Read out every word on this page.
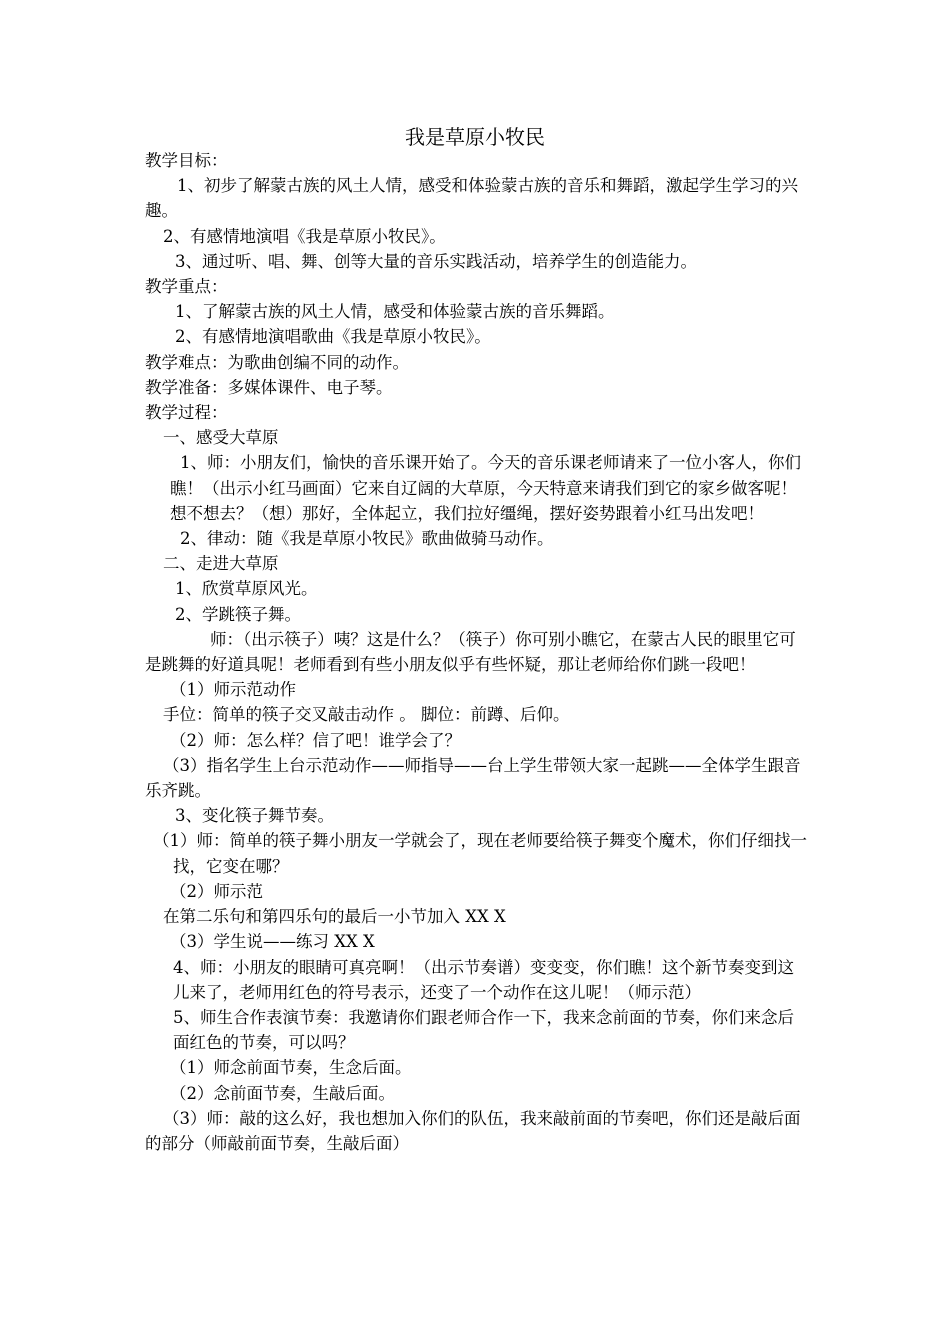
我是草原小牧民

教学目标：

1、初步了解蒙古族的风土人情，感受和体验蒙古族的音乐和舞蹈，激起学生学习的兴趣。

2、有感情地演唱《我是草原小牧民》。

3、通过听、唱、舞、创等大量的音乐实践活动，培养学生的创造能力。

教学重点：

1、了解蒙古族的风土人情，感受和体验蒙古族的音乐舞蹈。

2、有感情地演唱歌曲《我是草原小牧民》。

教学难点：为歌曲创编不同的动作。

教学准备：多媒体课件、电子琴。

教学过程：

一、感受大草原

1、师：小朋友们，愉快的音乐课开始了。今天的音乐课老师请来了一位小客人，你们瞧！（出示小红马画面）它来自辽阔的大草原，今天特意来请我们到它的家乡做客呢！想不想去？（想）那好，全体起立，我们拉好缰绳，摆好姿势跟着小红马出发吧！

2、律动：随《我是草原小牧民》歌曲做骑马动作。

二、走进大草原

1、欣赏草原风光。

2、学跳筷子舞。

师：（出示筷子）咦？这是什么？（筷子）你可别小瞧它，在蒙古人民的眼里它可是跳舞的好道具呢！老师看到有些小朋友似乎有些怀疑，那让老师给你们跳一段吧！

（1）师示范动作

手位：简单的筷子交叉敲击动作 。 脚位：前蹲、后仰。

（2）师：怎么样？信了吧！谁学会了？

（3）指名学生上台示范动作——师指导——台上学生带领大家一起跳——全体学生跟音乐齐跳。

3、变化筷子舞节奏。

（1）师：简单的筷子舞小朋友一学就会了，现在老师要给筷子舞变个魔术，你们仔细找一找，它变在哪？

（2）师示范

在第二乐句和第四乐句的最后一小节加入 XX X

（3）学生说——练习 XX X

4、师：小朋友的眼睛可真亮啊！（出示节奏谱）变变变，你们瞧！这个新节奏变到这儿来了，老师用红色的符号表示，还变了一个动作在这儿呢！（师示范）

5、师生合作表演节奏：我邀请你们跟老师合作一下，我来念前面的节奏，你们来念后面红色的节奏，可以吗？

（1）师念前面节奏，生念后面。

（2）念前面节奏，生敲后面。

（3）师：敲的这么好，我也想加入你们的队伍，我来敲前面的节奏吧，你们还是敲后面的部分（师敲前面节奏，生敲后面）
